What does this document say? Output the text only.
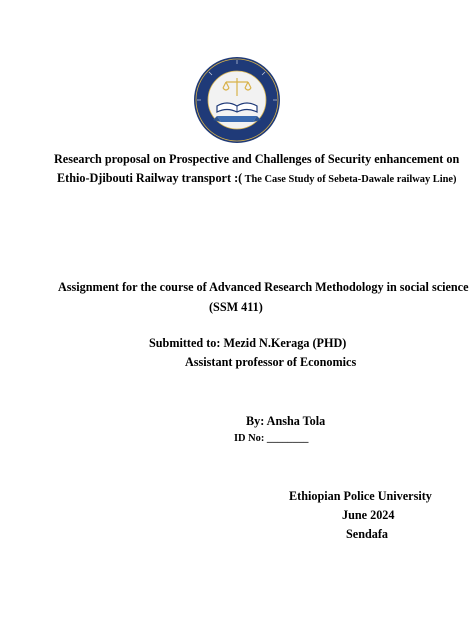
Research proposal on Prospective and Challenges of Security enhancement on
Ethio-Djibouti Railway transport :( The Case Study of Sebeta-Dawale railway Line)
Assignment for the course of Advanced Research Methodology in social science
(SSM 411)
Submitted to: Mezid N.Keraga (PHD)
Assistant professor of Economics
By: Ansha Tola
ID No: ________
Ethiopian Police University
June 2024
Sendafa
